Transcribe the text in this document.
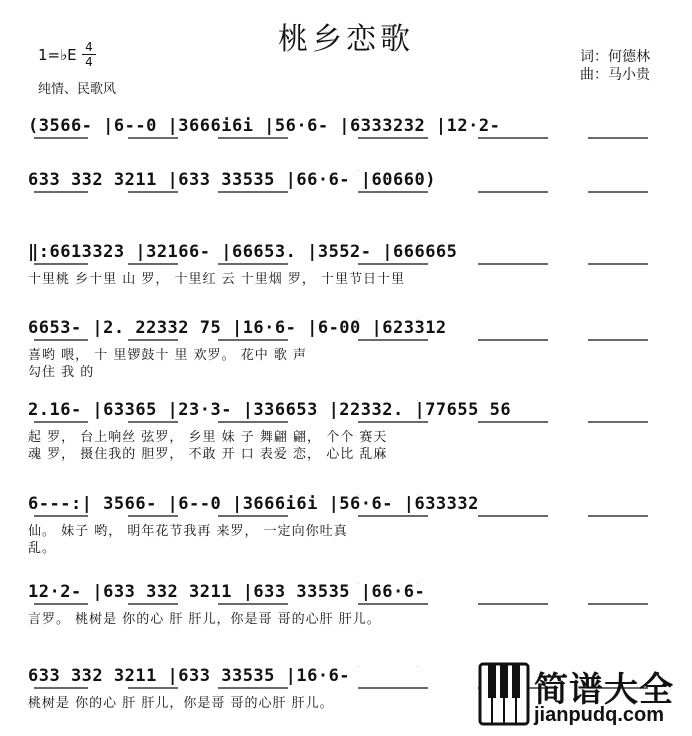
桃乡恋歌
1=♭E 4
4
纯情、民歌风
词：何德林
曲：马小贵
(3566- |6--0 |3666i6i |56·6- |6333232 |12·2-
633 332 3211 |633 33535 |66·6- |60660)
‖:6613323 |32166- |66653. |3552- |666665
十里桃 乡十里 山 罗， 十里红 云 十里烟 罗， 十里节日十里
6653- |2. 22332 75 |16·6- |6-00 |623312
喜哟 喂， 十 里锣鼓十 里 欢罗。 花中 歌 声
勾住 我 的
2.16- |63365 |23·3- |336653 |22332. |77655 56
起 罗， 台上响丝 弦罗， 乡里 妹 子 舞翩 翩， 个个 赛天
魂 罗， 摄住我的 胆罗， 不敢 开 口 表爱 恋， 心比 乱麻
6---:| 3566- |6--0 |3666i6i |56·6- |633332
仙。 妹子 哟， 明年花节我再 来罗， 一定向你吐真
乱。
12·2- |633 332 3211 |633 33535 |66·6-
言罗。 桃树是 你的心 肝 肝儿，你是哥 哥的心肝 肝儿。
633 332 3211 |633 33535 |16·6-
桃树是 你的心 肝 肝儿，你是哥 哥的心肝 肝儿。	简谱大全
jianpudq.com
